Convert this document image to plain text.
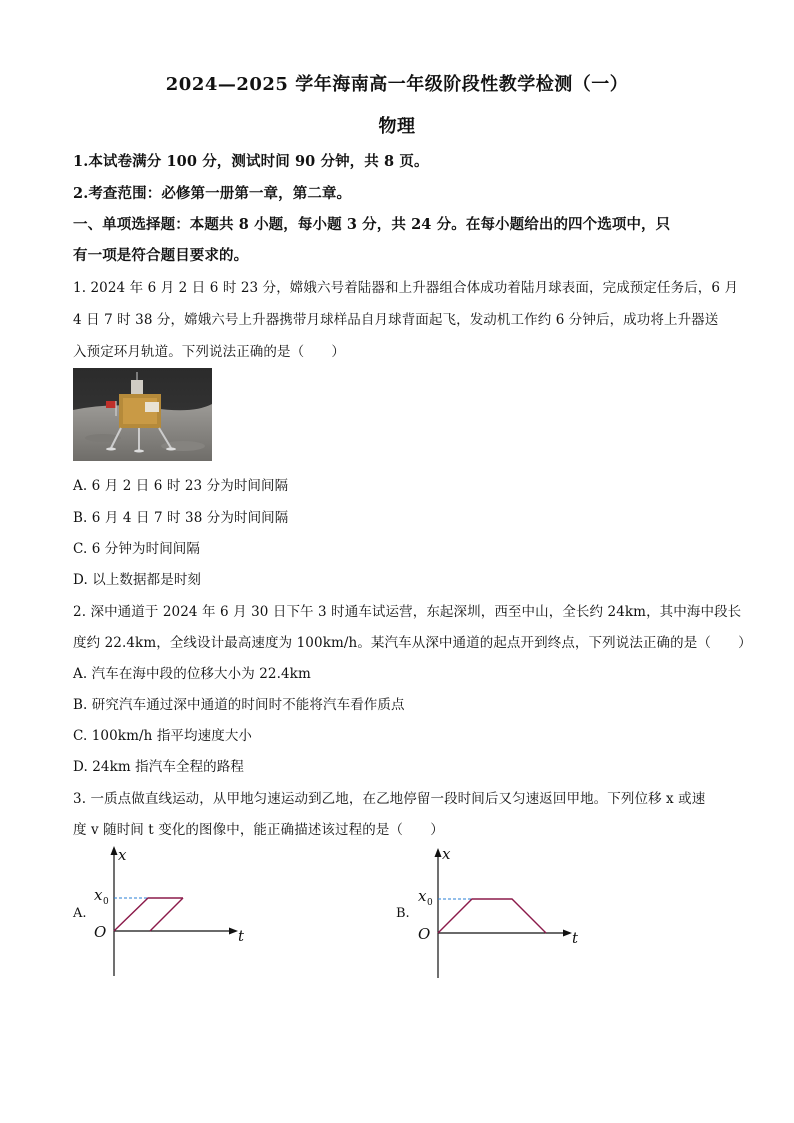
2024—2025 学年海南高一年级阶段性教学检测（一）
物理
1.本试卷满分 100 分，测试时间 90 分钟，共 8 页。
2.考查范围：必修第一册第一章，第二章。
一、单项选择题：本题共 8 小题，每小题 3 分，共 24 分。在每小题给出的四个选项中，只
有一项是符合题目要求的。
1. 2024 年 6 月 2 日 6 时 23 分，嫦娥六号着陆器和上升器组合体成功着陆月球表面，完成预定任务后，6 月
4 日 7 时 38 分，嫦娥六号上升器携带月球样品自月球背面起飞，发动机工作约 6 分钟后，成功将上升器送
入预定环月轨道。下列说法正确的是（　　）
A. 6 月 2 日 6 时 23 分为时间间隔
B. 6 月 4 日 7 时 38 分为时间间隔
C. 6 分钟为时间间隔
D. 以上数据都是时刻
2. 深中通道于 2024 年 6 月 30 日下午 3 时通车试运营，东起深圳，西至中山，全长约 24km，其中海中段长
度约 22.4km，全线设计最高速度为 100km/h。某汽车从深中通道的起点开到终点，下列说法正确的是（　　）
A. 汽车在海中段的位移大小为 22.4km
B. 研究汽车通过深中通道的时间时不能将汽车看作质点
C. 100km/h 指平均速度大小
D. 24km 指汽车全程的路程
3. 一质点做直线运动，从甲地匀速运动到乙地，在乙地停留一段时间后又匀速返回甲地。下列位移 x 或速
度 v 随时间 t 变化的图像中，能正确描述该过程的是（　　）
A.
x
t
O
x 0
B.
x
t
O
x 0
